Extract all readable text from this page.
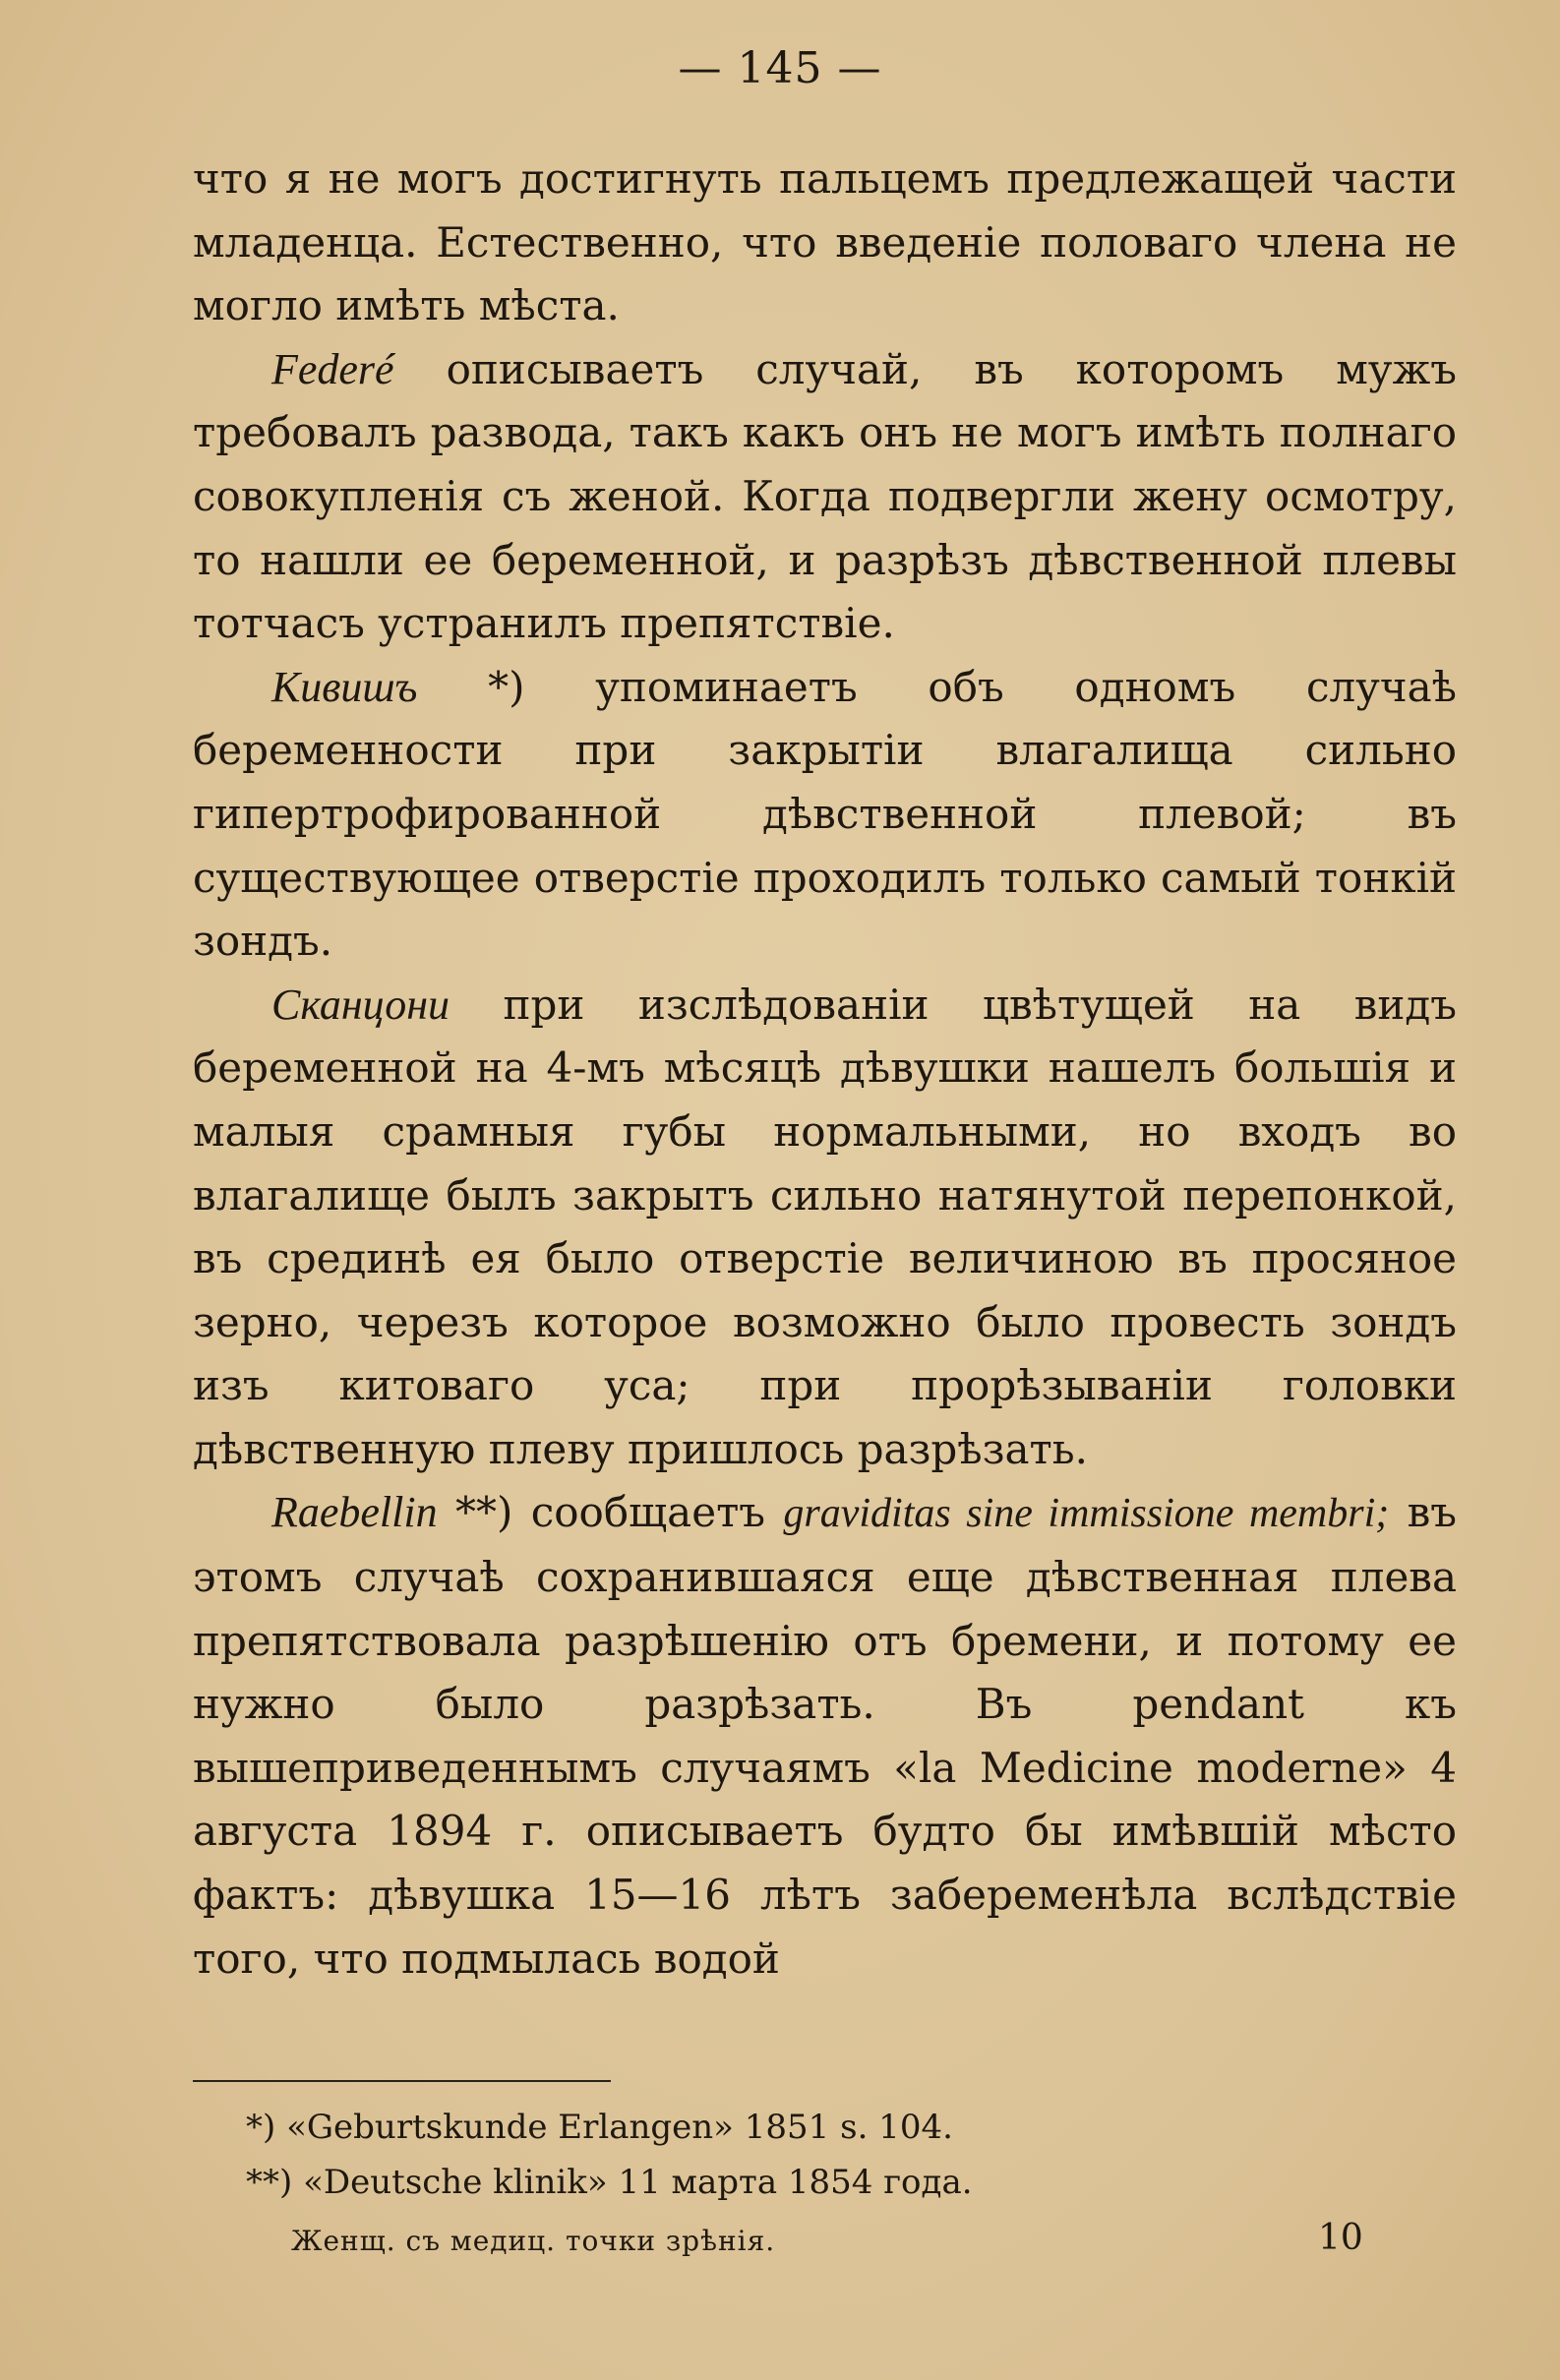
— 145 —

что я не могъ достигнуть пальцемъ предлежащей части младенца. Естественно, что введеніе половаго члена не могло имѣть мѣста.

Federé описываетъ случай, въ которомъ мужъ требовалъ развода, такъ какъ онъ не могъ имѣть полнаго совокупленія съ женой. Когда подвергли жену осмотру, то нашли ее беременной, и разрѣзъ дѣвственной плевы тотчасъ устранилъ препятствіе.

Кивишъ *) упоминаетъ объ одномъ случаѣ беременности при закрытіи влагалища сильно гипертрофированной дѣвственной плевой; въ существующее отверстіе проходилъ только самый тонкій зондъ.

Сканцони при изслѣдованіи цвѣтущей на видъ беременной на 4-мъ мѣсяцѣ дѣвушки нашелъ большія и малыя срамныя губы нормальными, но входъ во влагалище былъ закрытъ сильно натянутой перепонкой, въ срединѣ ея было отверстіе величиною въ просяное зерно, черезъ которое возможно было провесть зондъ изъ китоваго уса; при прорѣзываніи головки дѣвственную плеву пришлось разрѣзать.

Raebellin **) сообщаетъ graviditas sine immissione membri; въ этомъ случаѣ сохранившаяся еще дѣвственная плева препятствовала разрѣшенію отъ бремени, и потому ее нужно было разрѣзать. Въ pendant къ вышеприведеннымъ случаямъ «la Medicine moderne» 4 августа 1894 г. описываетъ будто бы имѣвшій мѣсто фактъ: дѣвушка 15—16 лѣтъ забеременѣла вслѣдствіе того, что подмылась водой

*) «Geburtskunde Erlangen» 1851 s. 104.
**) «Deutsche klinik» 11 марта 1854 года.
Женщ. съ медиц. точки зрѣнія.	10
